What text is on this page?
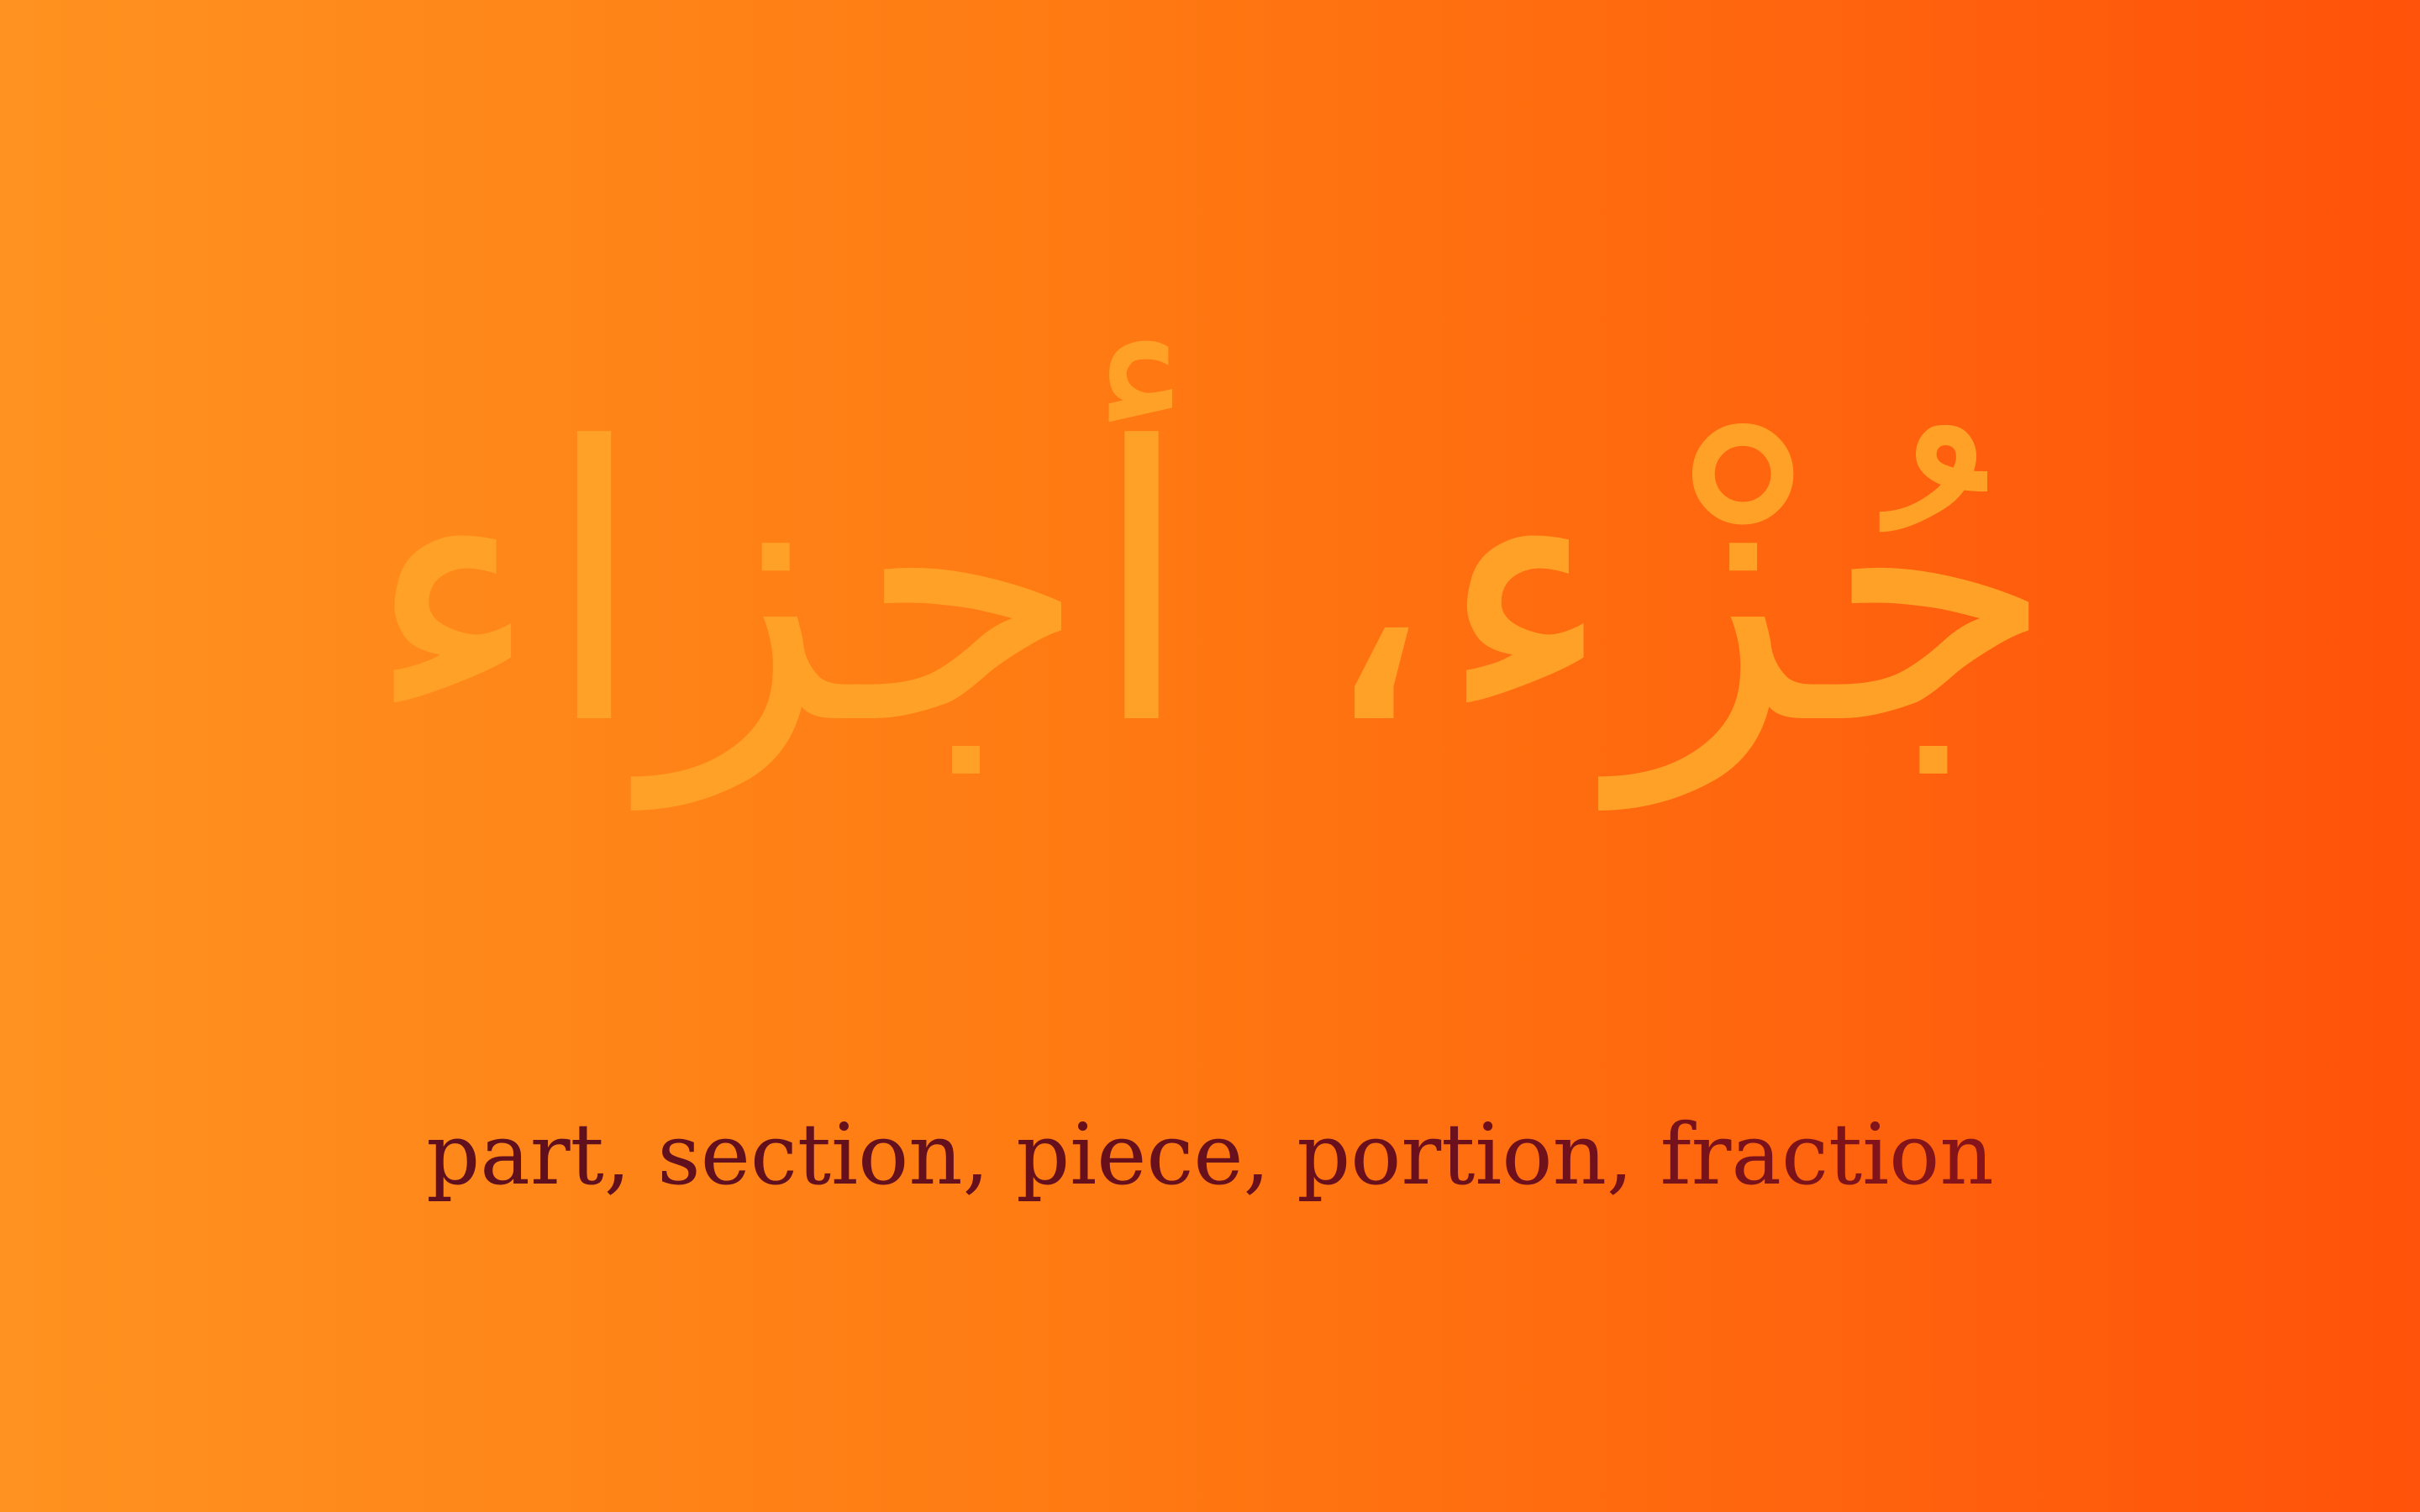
جُزْء، أجزاء
part, section, piece, portion, fraction
